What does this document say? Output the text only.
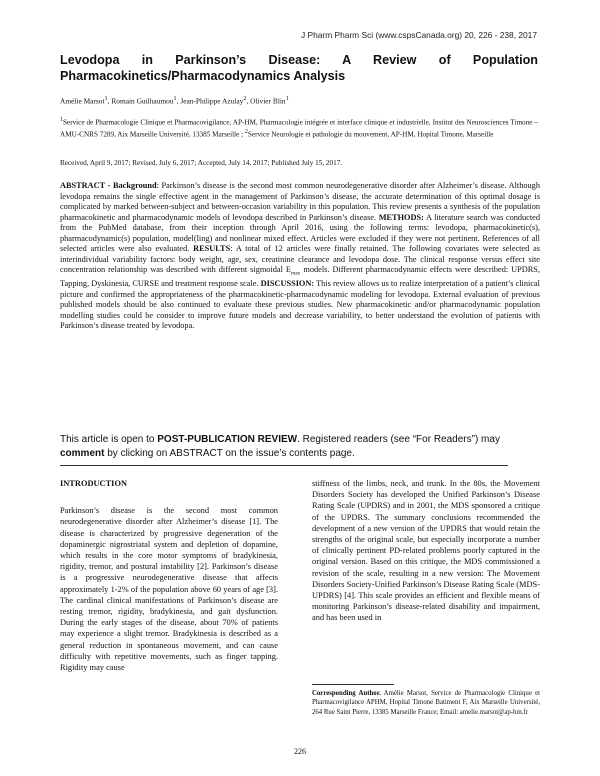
J Pharm Pharm Sci (www.cspsCanada.org) 20, 226 - 238, 2017
Levodopa in Parkinson’s Disease: A Review of Population
Pharmacokinetics/Pharmacodynamics Analysis
Amélie Marsot$^1$, Romain Guilhaumou$^1$, Jean-Philippe Azulay$^2$, Olivier Blin$^1$
$^1$Service de Pharmacologie Clinique et Pharmacovigilance, AP-HM, Pharmacologie intégrée et interface clinique et industrielle, Institut des Neurosciences Timone – AMU-CNRS 7289, Aix Marseille Université, 13385 Marseille ; $^2$Service Neurologie et pathologie du mouvement, AP-HM, Hopital Timone, Marseille
Received, April 9, 2017; Revised, July 6, 2017; Accepted, July 14, 2017; Published July 15, 2017.
ABSTRACT - Background: Parkinson’s disease is the second most common neurodegenerative disorder after Alzheimer’s disease. Although levodopa remains the single effective agent in the management of Parkinson’s disease, the accurate determination of this optimal dosage is complicated by marked between-subject and between-occasion variability in this population. This review presents a synthesis of the population pharmacokinetic and pharmacodynamic models of levodopa described in Parkinson’s disease. METHODS: A literature search was conducted from the PubMed database, from their inception through April 2016, using the following terms: levodopa, pharmacokinetic(s), pharmacodynamic(s) population, model(ling) and nonlinear mixed effect. Articles were excluded if they were not pertinent. References of all selected articles were also evaluated. RESULTS: A total of 12 articles were finally retained. The following covariates were selected as interindividual variability factors: body weight, age, sex, creatinine clearance and levodopa dose. The clinical response versus effect site concentration relationship was described with different sigmoidal $E_{max}$ models. Different pharmacodynamic effects were described: UPDRS, Tapping, Dyskinesia, CURSE and treatment response scale. DISCUSSION: This review allows us to realize interpretation of a patient’s clinical picture and confirmed the appropriateness of the pharmacokinetic-pharmacodynamic modeling for levodopa. External evaluation of previous published models should be also continued to evaluate these previous studies. New pharmacokinetic and/or pharmacodynamic population modelling studies could be consider to improve future models and decrease variability, to better understand the evolution of patients with Parkinson’s disease treated by levodopa.
This article is open to POST-PUBLICATION REVIEW. Registered readers (see “For Readers”) may comment by clicking on ABSTRACT on the issue’s contents page.
INTRODUCTION

Parkinson’s disease is the second most common neurodegenerative disorder after Alzheimer’s disease [1]. The disease is characterized by progressive degeneration of the dopaminergic nigrostriatal system and depletion of dopamine, which results in the core motor symptoms of bradykinesia, rigidity, tremor, and postural instability [2]. Parkinson’s disease is a progressive neurodegenerative disease that affects approximately 1-2% of the population above 60 years of age [3]. The cardinal clinical manifestations of Parkinson’s disease are resting tremor, rigidity, bradykinesia, and gait dysfunction. During the early stages of the disease, about 70% of patients may experience a slight tremor. Bradykinesia is described as a general reduction in spontaneous movement, and can cause difficulty with repetitive movements, such as finger tapping. Rigidity may cause

stiffness of the limbs, neck, and trunk. In the 80s, the Movement Disorders Society has developed the Unified Parkinson’s Disease Rating Scale (UPDRS) and in 2001, the MDS sponsored a critique of the UPDRS. The summary conclusions recommended the development of a new version of the UPDRS that would retain the strengths of the original scale, but especially incorporate a number of clinically pertinent PD-related problems poorly captured in the original version. Based on this critique, the MDS commissioned a revision of the scale, resulting in a new version: The Movement Disorders Society-Unified Parkinson’s Disease Rating Scale (MDS-UPDRS) [4]. This scale provides an efficient and flexible means of monitoring Parkinson’s disease-related disability and impairment, and has been used in

Corresponding Author. Amélie Marsot, Service de Pharmacologie Clinique et Pharmacovigilance APHM, Hopital Timone Batiment F, Aix Marseille Université, 264 Rue Saint Pierre, 13385 Marseille France; Email: amelie.marsot@ap-hm.fr
226
